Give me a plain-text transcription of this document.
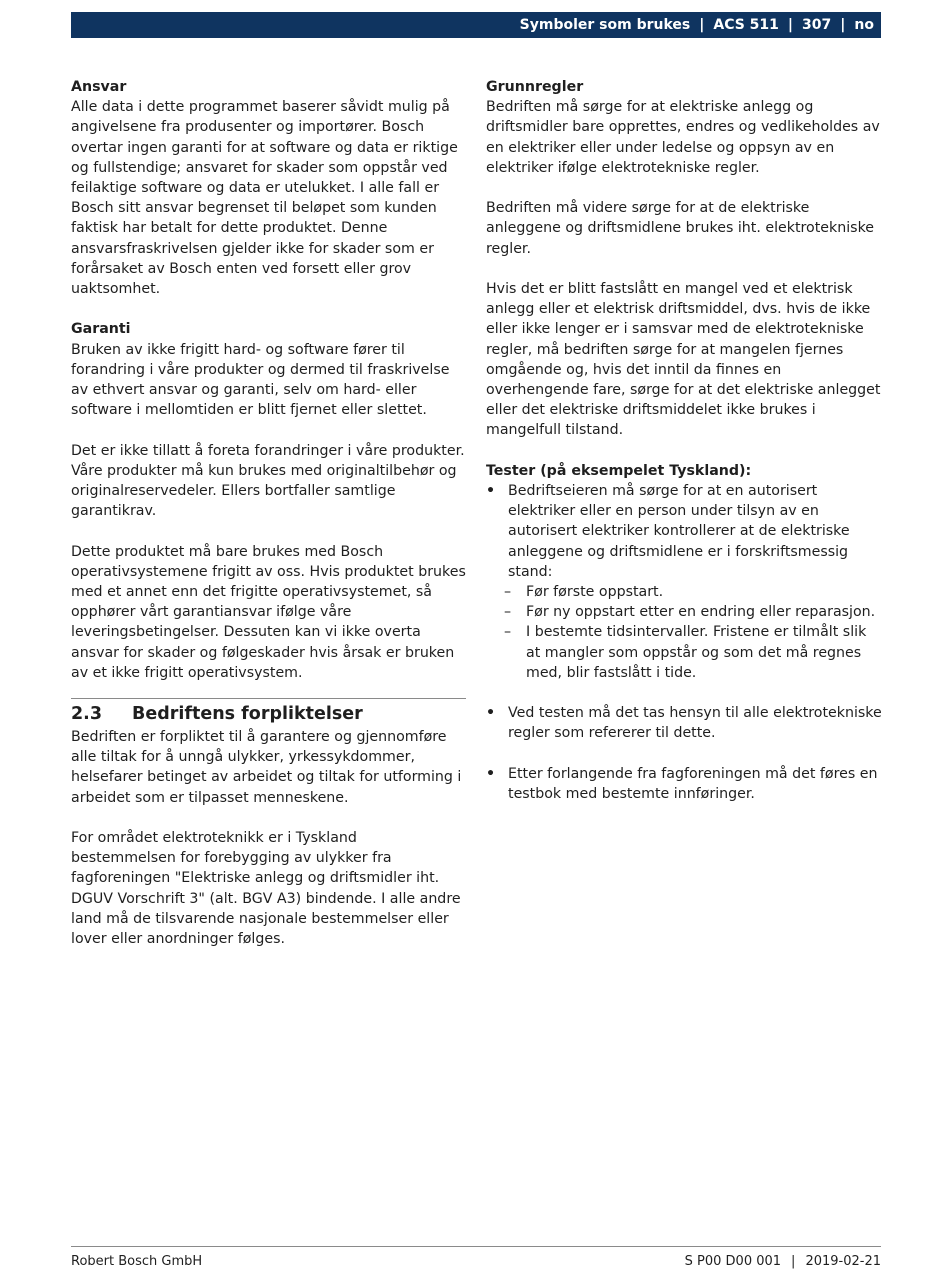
Symboler som brukes | ACS 511 | 307 | no

Ansvar

Alle data i dette programmet baserer såvidt mulig på angivelsene fra produsenter og importører. Bosch overtar ingen garanti for at software og data er riktige og fullstendige; ansvaret for skader som oppstår ved feilaktige software og data er utelukket. I alle fall er Bosch sitt ansvar begrenset til beløpet som kunden faktisk har betalt for dette produktet. Denne ansvarsfraskrivelsen gjelder ikke for skader som er forårsaket av Bosch enten ved forsett eller grov uaktsomhet.

Garanti

Bruken av ikke frigitt hard- og software fører til forandring i våre produkter og dermed til fraskrivelse av ethvert ansvar og garanti, selv om hard- eller software i mellomtiden er blitt fjernet eller slettet.

Det er ikke tillatt å foreta forandringer i våre produkter. Våre produkter må kun brukes med originaltilbehør og originalreservedeler. Ellers bortfaller samtlige garantikrav.

Dette produktet må bare brukes med Bosch operativsystemene frigitt av oss. Hvis produktet brukes med et annet enn det frigitte operativsystemet, så opphører vårt garantiansvar ifølge våre leveringsbetingelser. Dessuten kan vi ikke overta ansvar for skader og følgeskader hvis årsak er bruken av et ikke frigitt operativsystem.

2.3	Bedriftens forpliktelser

Bedriften er forpliktet til å garantere og gjennomføre alle tiltak for å unngå ulykker, yrkessykdommer, helsefarer betinget av arbeidet og tiltak for utforming i arbeidet som er tilpasset menneskene.

For området elektroteknikk er i Tyskland bestemmelsen for forebygging av ulykker fra fagforeningen "Elektriske anlegg og driftsmidler iht. DGUV Vorschrift 3" (alt. BGV A3) bindende. I alle andre land må de tilsvarende nasjonale bestemmelser eller lover eller anordninger følges.

Grunnregler

Bedriften må sørge for at elektriske anlegg og driftsmidler bare opprettes, endres og vedlikeholdes av en elektriker eller under ledelse og oppsyn av en elektriker ifølge elektrotekniske regler.

Bedriften må videre sørge for at de elektriske anleggene og driftsmidlene brukes iht. elektrotekniske regler.

Hvis det er blitt fastslått en mangel ved et elektrisk anlegg eller et elektrisk driftsmiddel, dvs. hvis de ikke eller ikke lenger er i samsvar med de elektrotekniske regler, må bedriften sørge for at mangelen fjernes omgående og, hvis det inntil da finnes en overhengende fare, sørge for at det elektriske anlegget eller det elektriske driftsmiddelet ikke brukes i mangelfull tilstand.

Tester (på eksempelet Tyskland):

• Bedriftseieren må sørge for at en autorisert elektriker eller en person under tilsyn av en autorisert elektriker kontrollerer at de elektriske anleggene og driftsmidlene er i forskriftsmessig stand:
– Før første oppstart.
– Før ny oppstart etter en endring eller reparasjon.
– I bestemte tidsintervaller. Fristene er tilmålt slik at mangler som oppstår og som det må regnes med, blir fastslått i tide.
• Ved testen må det tas hensyn til alle elektrotekniske regler som refererer til dette.
• Etter forlangende fra fagforeningen må det føres en testbok med bestemte innføringer.
Robert Bosch GmbH	S P00 D00 001 | 2019-02-21
